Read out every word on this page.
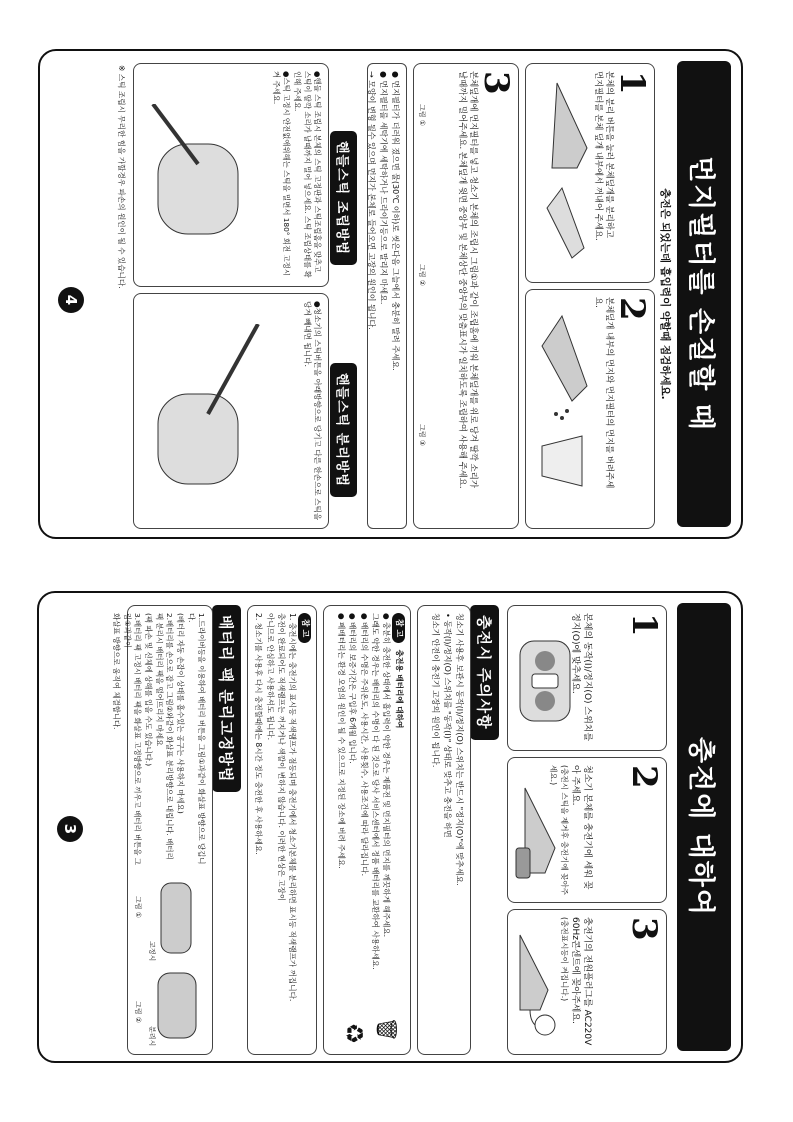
충전에 대하여
1
본체의 동작(I)/정지(O) 스위치를 정지(O)에 맞추세요.
2
청소기 본체를 충전기에 세워 꽂아 주세요.
(충전시 스틱을 제거후 충전기에 꽂아주세요.)
3
충전기의 전원플러그를 AC220V 60Hz콘센트에 꽂아주세요.
(충전표시등이 켜집니다.)
충전시 주의사항
청소기 사용후 보관시 동작(I)/정지(O) 스위치는 반드시 "정지(O)"에 맞추세요.
• 동작(I)/정지(O) 스위치를 "동작(I)" 상태로 맞추고 충전을 하면
청소기 안전이 충전기 고장의 원인이 됩니다.
참 고 충전용 배터리에 대하여
● 충분히 충전한 상태에서 흡입력이 약한 경우는 제품전 및 먼지필터의 먼지를 깨끗하게 해주세요.
그래도 약한 경우는 배터리의 수명이 다 된 것으로 당사 서비스센터에서 정품 배터리를 교환하여 사용하세요.
● 배터리의 수명은 주위온도, 사용시간, 사용횟수, 사용조건에 따라 달라집니다.
● 배터리의 보증기간은 구입후 6개월 입니다.
● 폐배터리는 환경 오염의 원인이 될 수 있으므로 지정된 장소에 버려 주세요.
♻ 🗑
참 고
1. 충전시에는 충전기의 표시등 적색램프가 점등되며 충전기에서 청소기본체를 분리하면 표시등 적색램프가 꺼집니다.
충전이 완료되어도 적색램프는 꺼지거나 색깔이 변하지 않습니다. 이러한 현상은 고장이
아니므로 안심하고 사용하셔도 됩니다.
2. 청소기를 사용후 다시 충전할때에는 8시간 정도 충전한 후 사용하세요.
배터리 팩 분리고정방법
1.드라이버등을 이용하여 배터리 버튼을 그림①과같이 화살표 방향으로 당깁니다.
(배터리 자동 손잡이 상태를 흡수있는 공구는 사용하지 마세요)
2.배터리를 손으로 잡고 그림②와같이 화살표 분리방향으로 내립니다. 배터리 팩 분리시 배터리 팩을 떨어뜨리지 마세요
(팩 파손 및 신체에 상해를 입을 수도 있습니다.)
3.배터리 팩 고정시 배터리 팩을 화살표 고정방향으로 끼우고 배터리 버튼을 그림①과같이
화살표 방향으로 움직여 체결합니다.
그림 ①
그림 ②
고정시
분리시
3
먼지필터를 손질할 때
충전은 되었는데 흡입력이 약할때 점검하세요.
1 본체의 분리 버튼을 눌러 본체덮개를 분리하고 먼지필터를 본체 덮개 내부에서 꺼내어 주세요.
2 본체덮개 내부의 먼지와 먼지필터의 먼지를 버려주세요.
3 본체덮개에 먼지필터를 넣고 청소기 본체의 조립시 그림①과 같이 조립홈에 끼워 본체덮개를 위로 당겨 딸깍 소리가 날때까지 밀어주세요. 본체덮개 윗면 중앙부 및 본체상단 중앙부의 맞춤표시가 일치하도록 조립하여 사용해 주세요.
그림 ①
그림 ②
그림 ③
● 먼지필터가 더러워 졌으면 물(30℃ 이하)로 씻은다음 그늘에서 충분히 말려 주세요.
● 먼지필터를 세탁기에 세탁하거나 드라이기등으로 말리지 마세요.
→ 모양이 변형 될수 있으며 먼지가 본체로 들어오면 고장의 원인이 됩니다.
핸들스틱 조립방법
●핸들 스틱 조립시 본체의 스틱 고정판과 스틱조립홈을 맞추고 스틱이 딸깍 소리가 날때까지 밀어 넣으세요. 스틱 조립상태를 확인해 주세요.
●스틱 고정시 안전없애위해는 스틱을 밀면서 180° 회전 고정시켜 주세요.
핸들스틱 분리방법
●청소기의 스틱버튼을 아래방향으로 당기고 다른 한손으로 스틱을 당겨 빼내면 됩니다.
※ 스틱 조립시 무리한 힘을 가할경우 파손의 원인이 될 수 있습니다.
4
